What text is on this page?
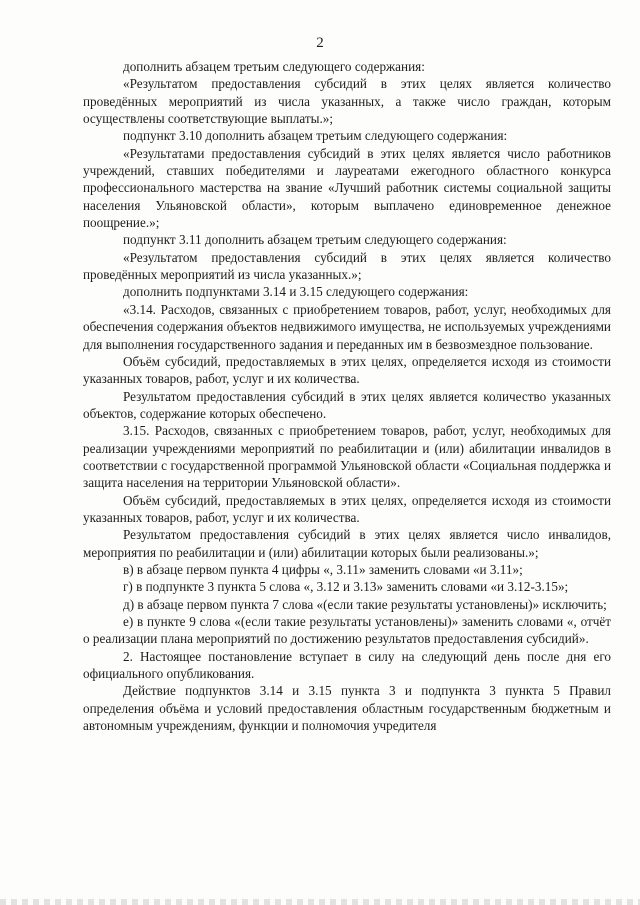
2

дополнить абзацем третьим следующего содержания:

«Результатом предоставления субсидий в этих целях является количество проведённых мероприятий из числа указанных, а также число граждан, которым осуществлены соответствующие выплаты.»;

подпункт 3.10 дополнить абзацем третьим следующего содержания:

«Результатами предоставления субсидий в этих целях является число работников учреждений, ставших победителями и лауреатами ежегодного областного конкурса профессионального мастерства на звание «Лучший работник системы социальной защиты населения Ульяновской области», которым выплачено единовременное денежное поощрение.»;

подпункт 3.11 дополнить абзацем третьим следующего содержания:

«Результатом предоставления субсидий в этих целях является количество проведённых мероприятий из числа указанных.»;

дополнить подпунктами 3.14 и 3.15 следующего содержания:

«3.14. Расходов, связанных с приобретением товаров, работ, услуг, необходимых для обеспечения содержания объектов недвижимого имущества, не используемых учреждениями для выполнения государственного задания и переданных им в безвозмездное пользование.

Объём субсидий, предоставляемых в этих целях, определяется исходя из стоимости указанных товаров, работ, услуг и их количества.

Результатом предоставления субсидий в этих целях является количество указанных объектов, содержание которых обеспечено.

3.15. Расходов, связанных с приобретением товаров, работ, услуг, необходимых для реализации учреждениями мероприятий по реабилитации и (или) абилитации инвалидов в соответствии с государственной программой Ульяновской области «Социальная поддержка и защита населения на территории Ульяновской области».

Объём субсидий, предоставляемых в этих целях, определяется исходя из стоимости указанных товаров, работ, услуг и их количества.

Результатом предоставления субсидий в этих целях является число инвалидов, мероприятия по реабилитации и (или) абилитации которых были реализованы.»;

в) в абзаце первом пункта 4 цифры «, 3.11» заменить словами «и 3.11»;

г) в подпункте 3 пункта 5 слова «, 3.12 и 3.13» заменить словами «и 3.12-3.15»;

д) в абзаце первом пункта 7 слова «(если такие результаты установлены)» исключить;

е) в пункте 9 слова «(если такие результаты установлены)» заменить словами «, отчёт о реализации плана мероприятий по достижению результатов предоставления субсидий».

2. Настоящее постановление вступает в силу на следующий день после дня его официального опубликования.

Действие подпунктов 3.14 и 3.15 пункта 3 и подпункта 3 пункта 5 Правил определения объёма и условий предоставления областным государственным бюджетным и автономным учреждениям, функции и полномочия учредителя
